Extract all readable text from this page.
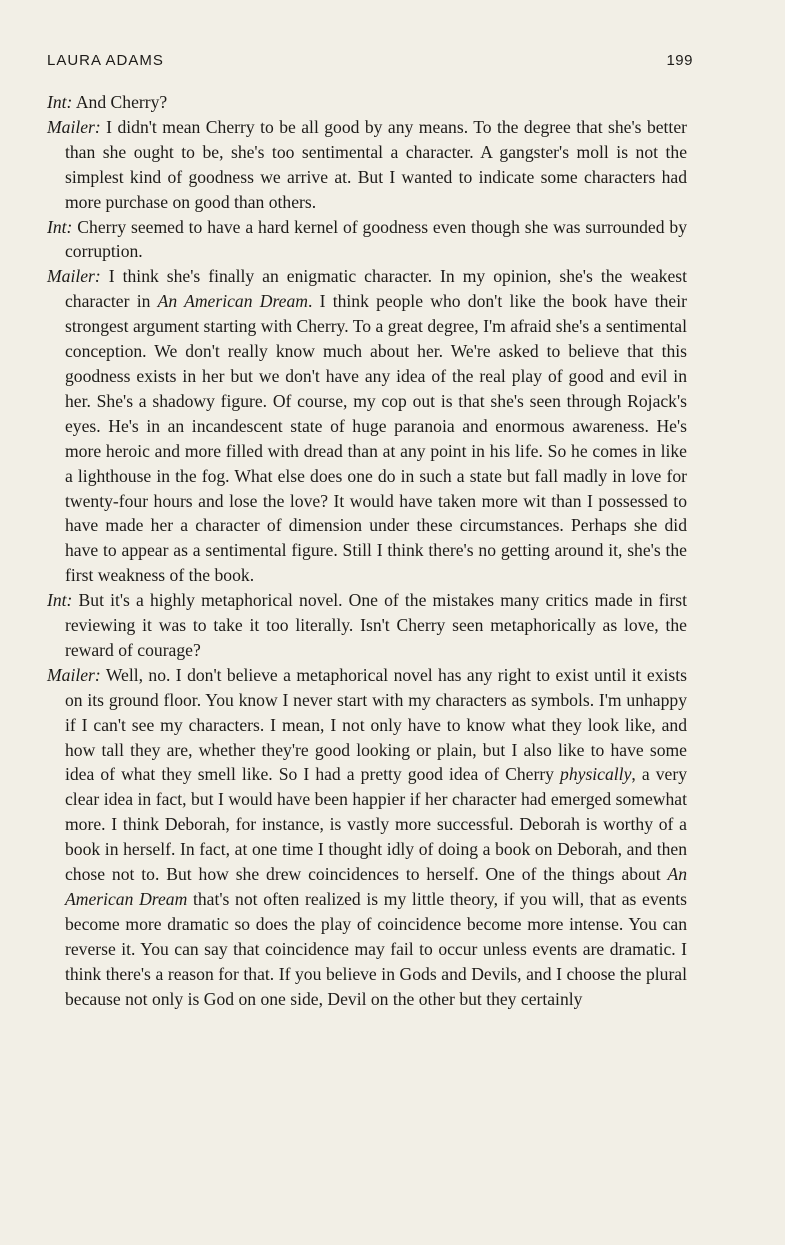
LAURA ADAMS	199

Int: And Cherry?

Mailer: I didn't mean Cherry to be all good by any means. To the degree that she's better than she ought to be, she's too sentimental a character. A gangster's moll is not the simplest kind of goodness we arrive at. But I wanted to indicate some characters had more purchase on good than others.

Int: Cherry seemed to have a hard kernel of goodness even though she was surrounded by corruption.

Mailer: I think she's finally an enigmatic character. In my opinion, she's the weakest character in An American Dream. I think people who don't like the book have their strongest argument starting with Cherry. To a great degree, I'm afraid she's a sentimental conception. We don't really know much about her. We're asked to believe that this goodness exists in her but we don't have any idea of the real play of good and evil in her. She's a shadowy figure. Of course, my cop out is that she's seen through Rojack's eyes. He's in an incandescent state of huge paranoia and enormous awareness. He's more heroic and more filled with dread than at any point in his life. So he comes in like a lighthouse in the fog. What else does one do in such a state but fall madly in love for twenty-four hours and lose the love? It would have taken more wit than I possessed to have made her a character of dimension under these circumstances. Perhaps she did have to appear as a sentimental figure. Still I think there's no getting around it, she's the first weakness of the book.

Int: But it's a highly metaphorical novel. One of the mistakes many critics made in first reviewing it was to take it too literally. Isn't Cherry seen metaphorically as love, the reward of courage?

Mailer: Well, no. I don't believe a metaphorical novel has any right to exist until it exists on its ground floor. You know I never start with my characters as symbols. I'm unhappy if I can't see my characters. I mean, I not only have to know what they look like, and how tall they are, whether they're good looking or plain, but I also like to have some idea of what they smell like. So I had a pretty good idea of Cherry physically, a very clear idea in fact, but I would have been happier if her character had emerged somewhat more. I think Deborah, for instance, is vastly more successful. Deborah is worthy of a book in herself. In fact, at one time I thought idly of doing a book on Deborah, and then chose not to. But how she drew coincidences to herself. One of the things about An American Dream that's not often realized is my little theory, if you will, that as events become more dramatic so does the play of coincidence become more intense. You can reverse it. You can say that coincidence may fail to occur unless events are dramatic. I think there's a reason for that. If you believe in Gods and Devils, and I choose the plural because not only is God on one side, Devil on the other but they certainly
